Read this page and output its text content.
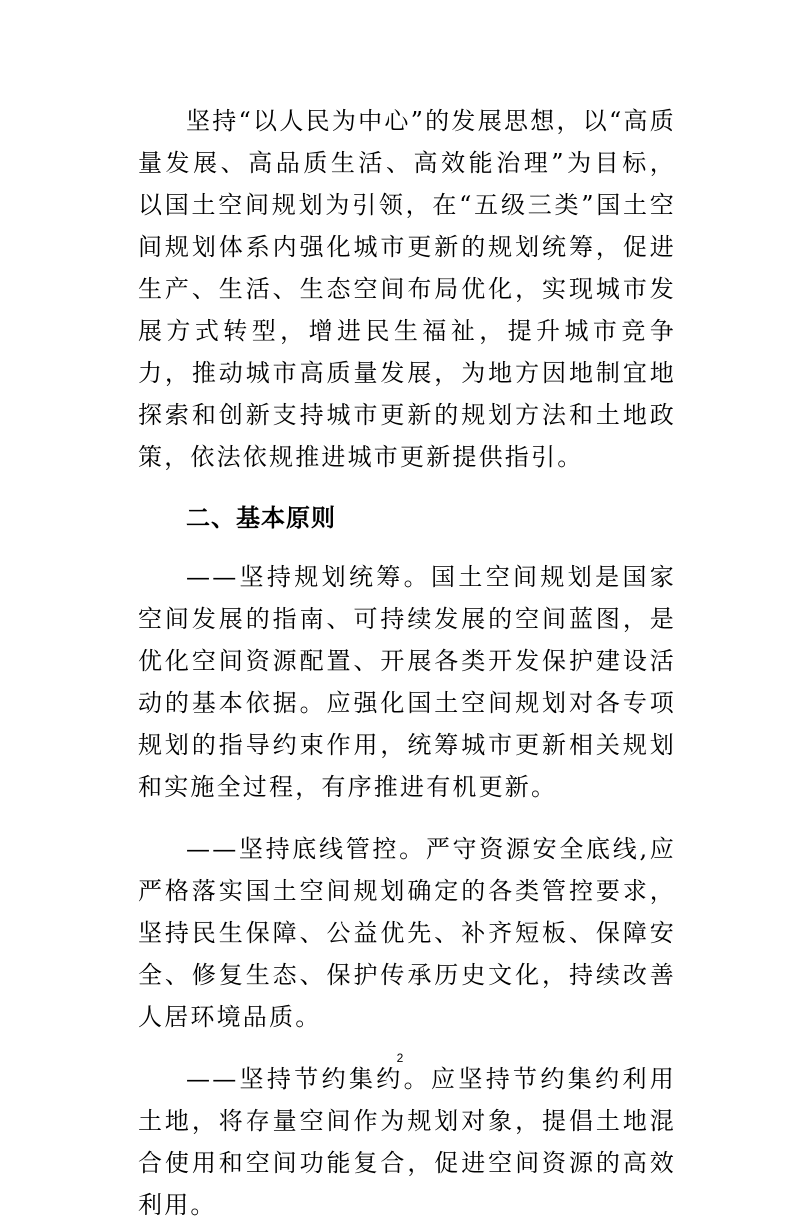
坚持“以人民为中心”的发展思想，以“高质量发展、高品质生活、高效能治理”为目标，以国土空间规划为引领，在“五级三类”国土空间规划体系内强化城市更新的规划统筹，促进生产、生活、生态空间布局优化，实现城市发展方式转型，增进民生福祉，提升城市竞争力，推动城市高质量发展，为地方因地制宜地探索和创新支持城市更新的规划方法和土地政策，依法依规推进城市更新提供指引。

二、基本原则

——坚持规划统筹。国土空间规划是国家空间发展的指南、可持续发展的空间蓝图，是优化空间资源配置、开展各类开发保护建设活动的基本依据。应强化国土空间规划对各专项规划的指导约束作用，统筹城市更新相关规划和实施全过程，有序推进有机更新。

——坚持底线管控。严守资源安全底线,应严格落实国土空间规划确定的各类管控要求，坚持民生保障、公益优先、补齐短板、保障安全、修复生态、保护传承历史文化，持续改善人居环境品质。

——坚持节约集约。应坚持节约集约利用土地，将存量空间作为规划对象，提倡土地混合使用和空间功能复合，促进空间资源的高效利用。

2
